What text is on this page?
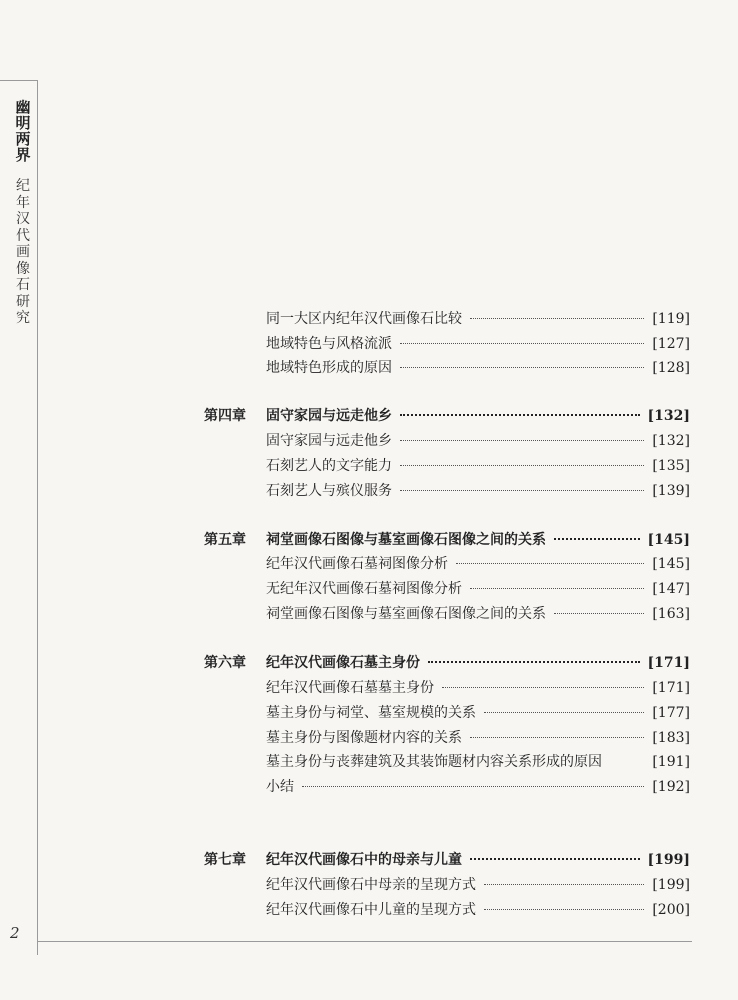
幽明两界
纪年汉代画像石研究
2
同一大区内纪年汉代画像石比较	[119]
地域特色与风格流派	[127]
地域特色形成的原因	[128]
第四章	固守家园与远走他乡	[132]
固守家园与远走他乡	[132]
石刻艺人的文字能力	[135]
石刻艺人与殡仪服务	[139]
第五章	祠堂画像石图像与墓室画像石图像之间的关系	[145]
纪年汉代画像石墓祠图像分析	[145]
无纪年汉代画像石墓祠图像分析	[147]
祠堂画像石图像与墓室画像石图像之间的关系	[163]
第六章	纪年汉代画像石墓主身份	[171]
纪年汉代画像石墓墓主身份	[171]
墓主身份与祠堂、墓室规模的关系	[177]
墓主身份与图像题材内容的关系	[183]
墓主身份与丧葬建筑及其装饰题材内容关系形成的原因	[191]
小结	[192]
第七章	纪年汉代画像石中的母亲与儿童	[199]
纪年汉代画像石中母亲的呈现方式	[199]
纪年汉代画像石中儿童的呈现方式	[200]
